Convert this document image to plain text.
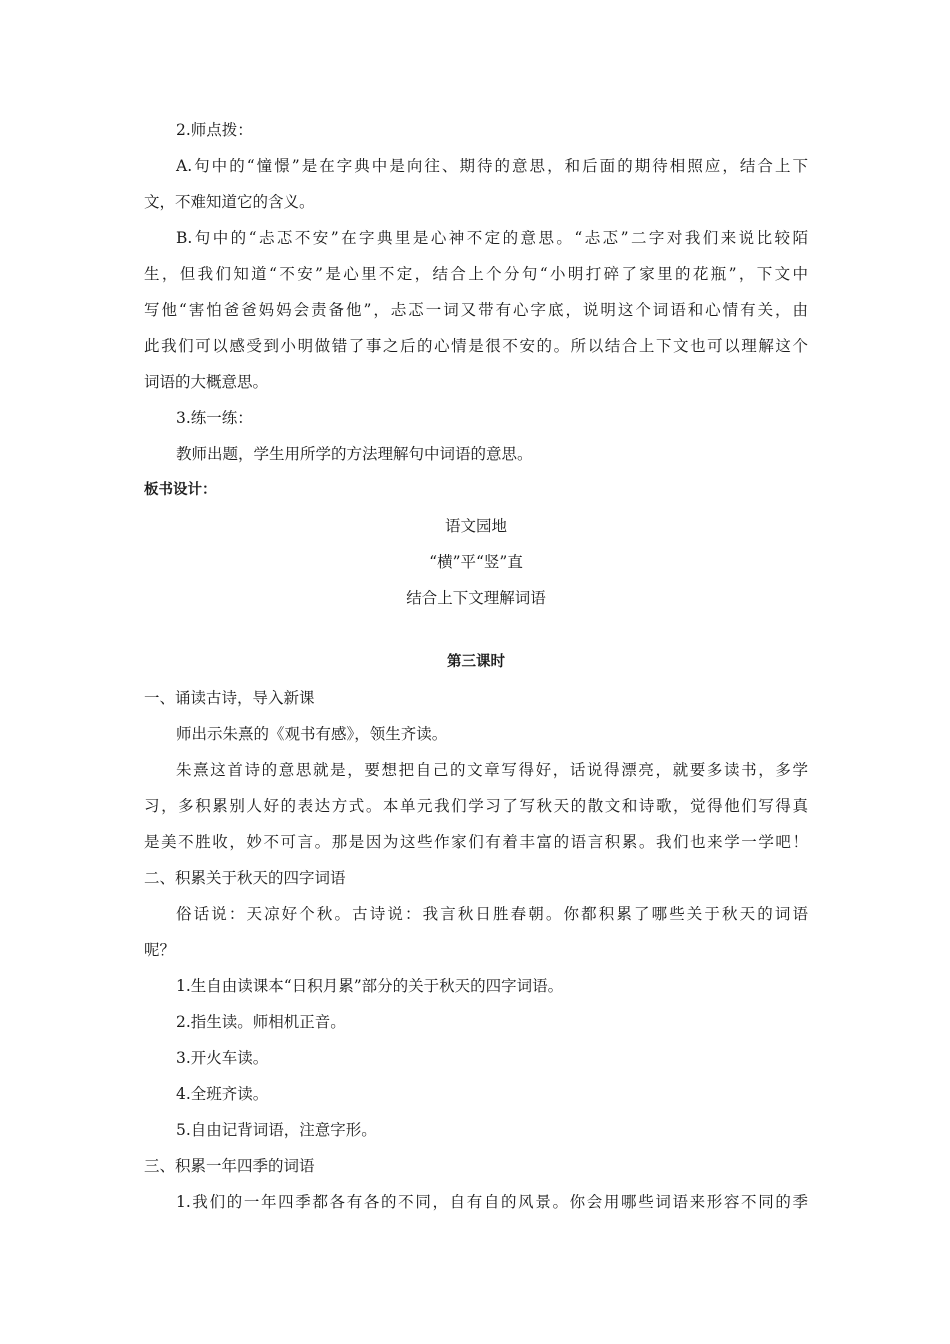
2.师点拨：
A.句中的“憧憬”是在字典中是向往、期待的意思，和后面的期待相照应，结合上下
文，不难知道它的含义。
B.句中的“忐忑不安”在字典里是心神不定的意思。“忐忑”二字对我们来说比较陌
生，但我们知道“不安”是心里不定，结合上个分句“小明打碎了家里的花瓶”，下文中
写他“害怕爸爸妈妈会责备他”，忐忑一词又带有心字底，说明这个词语和心情有关，由
此我们可以感受到小明做错了事之后的心情是很不安的。所以结合上下文也可以理解这个
词语的大概意思。
3.练一练：
教师出题，学生用所学的方法理解句中词语的意思。
板书设计：
语文园地
“横”平“竖”直
结合上下文理解词语
第三课时
一、诵读古诗，导入新课
师出示朱熹的《观书有感》，领生齐读。
朱熹这首诗的意思就是，要想把自己的文章写得好，话说得漂亮，就要多读书，多学
习，多积累别人好的表达方式。本单元我们学习了写秋天的散文和诗歌，觉得他们写得真
是美不胜收，妙不可言。那是因为这些作家们有着丰富的语言积累。我们也来学一学吧！
二、积累关于秋天的四字词语
俗话说：天凉好个秋。古诗说：我言秋日胜春朝。你都积累了哪些关于秋天的词语
呢？
1.生自由读课本“日积月累”部分的关于秋天的四字词语。
2.指生读。师相机正音。
3.开火车读。
4.全班齐读。
5.自由记背词语，注意字形。
三、积累一年四季的词语
1.我们的一年四季都各有各的不同，自有自的风景。你会用哪些词语来形容不同的季
